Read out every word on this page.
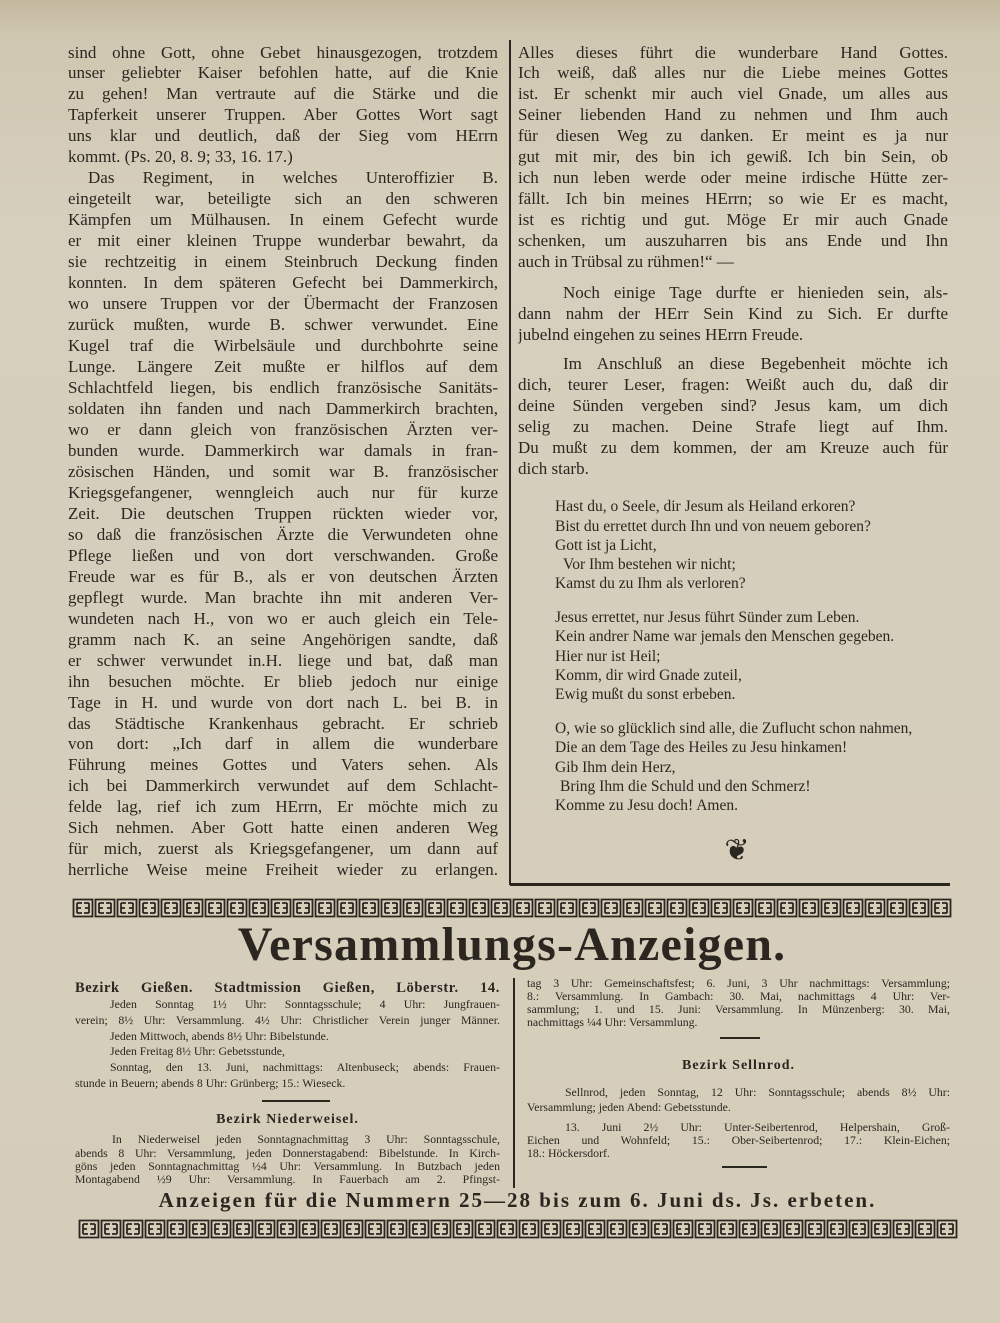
sind ohne Gott, ohne Gebet hinausgezogen, trotzdem
unser geliebter Kaiser befohlen hatte, auf die Knie
zu gehen! Man vertraute auf die Stärke und die
Tapferkeit unserer Truppen. Aber Gottes Wort sagt
uns klar und deutlich, daß der Sieg vom HErrn
kommt. (Ps. 20, 8. 9; 33, 16. 17.)
Das Regiment, in welches Unteroffizier B.
eingeteilt war, beteiligte sich an den schweren
Kämpfen um Mülhausen. In einem Gefecht wurde
er mit einer kleinen Truppe wunderbar bewahrt, da
sie rechtzeitig in einem Steinbruch Deckung finden
konnten. In dem späteren Gefecht bei Dammerkirch,
wo unsere Truppen vor der Übermacht der Franzosen
zurück mußten, wurde B. schwer verwundet. Eine
Kugel traf die Wirbelsäule und durchbohrte seine
Lunge. Längere Zeit mußte er hilflos auf dem
Schlachtfeld liegen, bis endlich französische Sanitäts-
soldaten ihn fanden und nach Dammerkirch brachten,
wo er dann gleich von französischen Ärzten ver-
bunden wurde. Dammerkirch war damals in fran-
zösischen Händen, und somit war B. französischer
Kriegsgefangener, wenngleich auch nur für kurze
Zeit. Die deutschen Truppen rückten wieder vor,
so daß die französischen Ärzte die Verwundeten ohne
Pflege ließen und von dort verschwanden. Große
Freude war es für B., als er von deutschen Ärzten
gepflegt wurde. Man brachte ihn mit anderen Ver-
wundeten nach H., von wo er auch gleich ein Tele-
gramm nach K. an seine Angehörigen sandte, daß
er schwer verwundet in.H. liege und bat, daß man
ihn besuchen möchte. Er blieb jedoch nur einige
Tage in H. und wurde von dort nach L. bei B. in
das Städtische Krankenhaus gebracht. Er schrieb
von dort: „Ich darf in allem die wunderbare
Führung meines Gottes und Vaters sehen. Als
ich bei Dammerkirch verwundet auf dem Schlacht-
felde lag, rief ich zum HErrn, Er möchte mich zu
Sich nehmen. Aber Gott hatte einen anderen Weg
für mich, zuerst als Kriegsgefangener, um dann auf
herrliche Weise meine Freiheit wieder zu erlangen.
Alles dieses führt die wunderbare Hand Gottes.
Ich weiß, daß alles nur die Liebe meines Gottes
ist. Er schenkt mir auch viel Gnade, um alles aus
Seiner liebenden Hand zu nehmen und Ihm auch
für diesen Weg zu danken. Er meint es ja nur
gut mit mir, des bin ich gewiß. Ich bin Sein, ob
ich nun leben werde oder meine irdische Hütte zer-
fällt. Ich bin meines HErrn; so wie Er es macht,
ist es richtig und gut. Möge Er mir auch Gnade
schenken, um auszuharren bis ans Ende und Ihn
auch in Trübsal zu rühmen!“ —
Noch einige Tage durfte er hienieden sein, als-
dann nahm der HErr Sein Kind zu Sich. Er durfte
jubelnd eingehen zu seines HErrn Freude.
Im Anschluß an diese Begebenheit möchte ich
dich, teurer Leser, fragen: Weißt auch du, daß dir
deine Sünden vergeben sind? Jesus kam, um dich
selig zu machen. Deine Strafe liegt auf Ihm.
Du mußt zu dem kommen, der am Kreuze auch für
dich starb.
Hast du, o Seele, dir Jesum als Heiland erkoren?
Bist du errettet durch Ihn und von neuem geboren?
Gott ist ja Licht,
Vor Ihm bestehen wir nicht;
Kamst du zu Ihm als verloren?
Jesus errettet, nur Jesus führt Sünder zum Leben.
Kein andrer Name war jemals den Menschen gegeben.
Hier nur ist Heil;
Komm, dir wird Gnade zuteil,
Ewig mußt du sonst erbeben.
O, wie so glücklich sind alle, die Zuflucht schon nahmen,
Die an dem Tage des Heiles zu Jesu hinkamen!
Gib Ihm dein Herz,
Bring Ihm die Schuld und den Schmerz!
Komme zu Jesu doch! Amen.
❦
Versammlungs-Anzeigen.
Bezirk Gießen. Stadtmission Gießen, Löberstr. 14.
Jeden Sonntag 1½ Uhr: Sonntagsschule; 4 Uhr: Jungfrauen-
verein; 8½ Uhr: Versammlung. 4½ Uhr: Christlicher Verein junger Männer.
Jeden Mittwoch, abends 8½ Uhr: Bibelstunde.
Jeden Freitag 8½ Uhr: Gebetsstunde,
Sonntag, den 13. Juni, nachmittags: Altenbuseck; abends: Frauen-
stunde in Beuern; abends 8 Uhr: Grünberg; 15.: Wieseck.
Bezirk Niederweisel.
In Niederweisel jeden Sonntagnachmittag 3 Uhr: Sonntagsschule,
abends 8 Uhr: Versammlung, jeden Donnerstagabend: Bibelstunde. In Kirch-
göns jeden Sonntagnachmittag ½4 Uhr: Versammlung. In Butzbach jeden
Montagabend ½9 Uhr: Versammlung. In Fauerbach am 2. Pfingst-
tag 3 Uhr: Gemeinschaftsfest; 6. Juni, 3 Uhr nachmittags: Versammlung;
8.: Versammlung. In Gambach: 30. Mai, nachmittags 4 Uhr: Ver-
sammlung; 1. und 15. Juni: Versammlung. In Münzenberg: 30. Mai,
nachmittags ¼4 Uhr: Versammlung.
Bezirk Sellnrod.
Sellnrod, jeden Sonntag, 12 Uhr: Sonntagsschule; abends 8½ Uhr:
Versammlung; jeden Abend: Gebetsstunde.
13. Juni 2½ Uhr: Unter-Seibertenrod, Helpershain, Groß-
Eichen und Wohnfeld; 15.: Ober-Seibertenrod; 17.: Klein-Eichen;
18.: Höckersdorf.
Anzeigen für die Nummern 25—28 bis zum 6. Juni ds. Js. erbeten.
